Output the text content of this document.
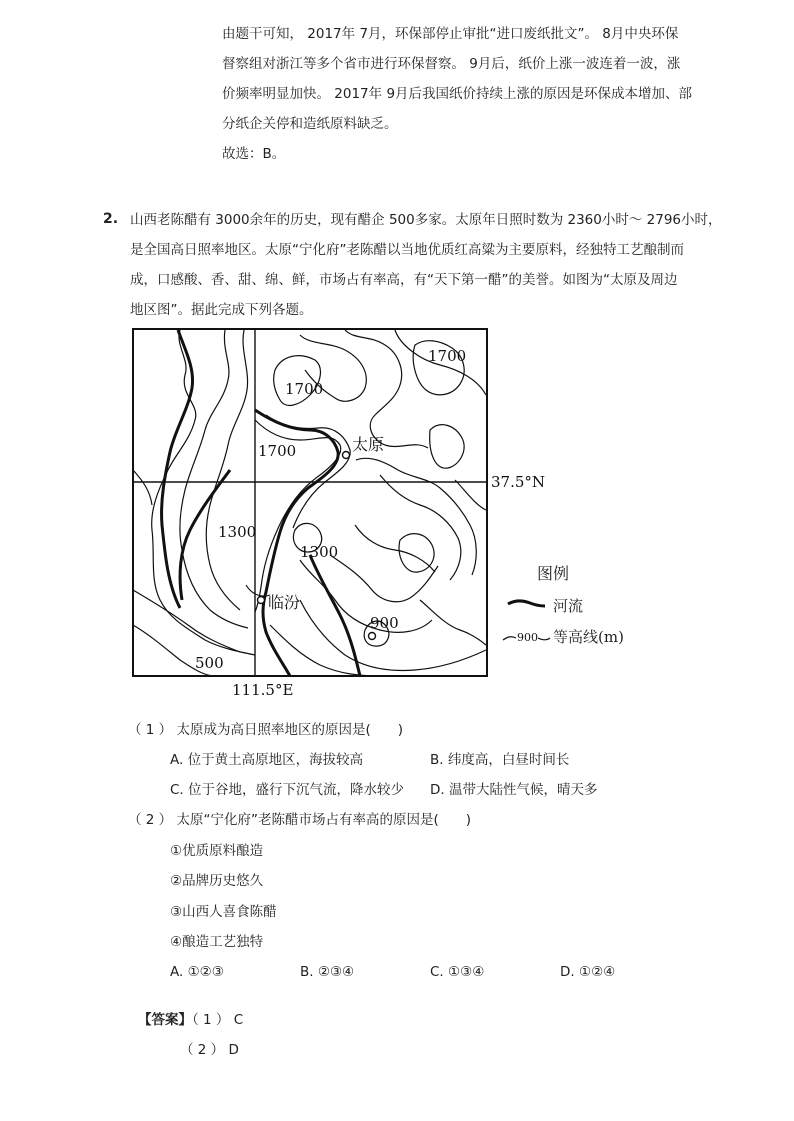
由题干可知， 2017年 7月，环保部停止审批“进口废纸批文”。 8月中央环保
督察组对浙江等多个省市进行环保督察。 9月后，纸价上涨一波连着一波，涨
价频率明显加快。 2017年 9月后我国纸价持续上涨的原因是环保成本增加、部
分纸企关停和造纸原料缺乏。
故选：B。
2. 山西老陈醋有 3000余年的历史，现有醋企 500多家。太原年日照时数为 2360小时～ 2796小时，
是全国高日照率地区。太原“宁化府”老陈醋以当地优质红高粱为主要原料，经独特工艺酿制而
成，口感酸、香、甜、绵、鲜，市场占有率高，有“天下第一醋”的美誉。如图为“太原及周边
地区图”。据此完成下列各题。
1700
1700
1700	太原
37.5°N
1300
1300
临汾
900
500
111.5°E
900
图例
河流
等高线(m)
（ 1 ） 太原成为高日照率地区的原因是(　　)
A. 位于黄土高原地区，海拔较高	B. 纬度高，白昼时间长
C. 位于谷地，盛行下沉气流，降水较少 D. 温带大陆性气候，晴天多
（ 2 ） 太原“宁化府”老陈醋市场占有率高的原因是(　　)
①优质原料酿造
②品牌历史悠久
③山西人喜食陈醋
④酿造工艺独特
A. ①②③	B. ②③④	C. ①③④	D. ①②④
【答案】（ 1 ） C
（ 2 ） D
